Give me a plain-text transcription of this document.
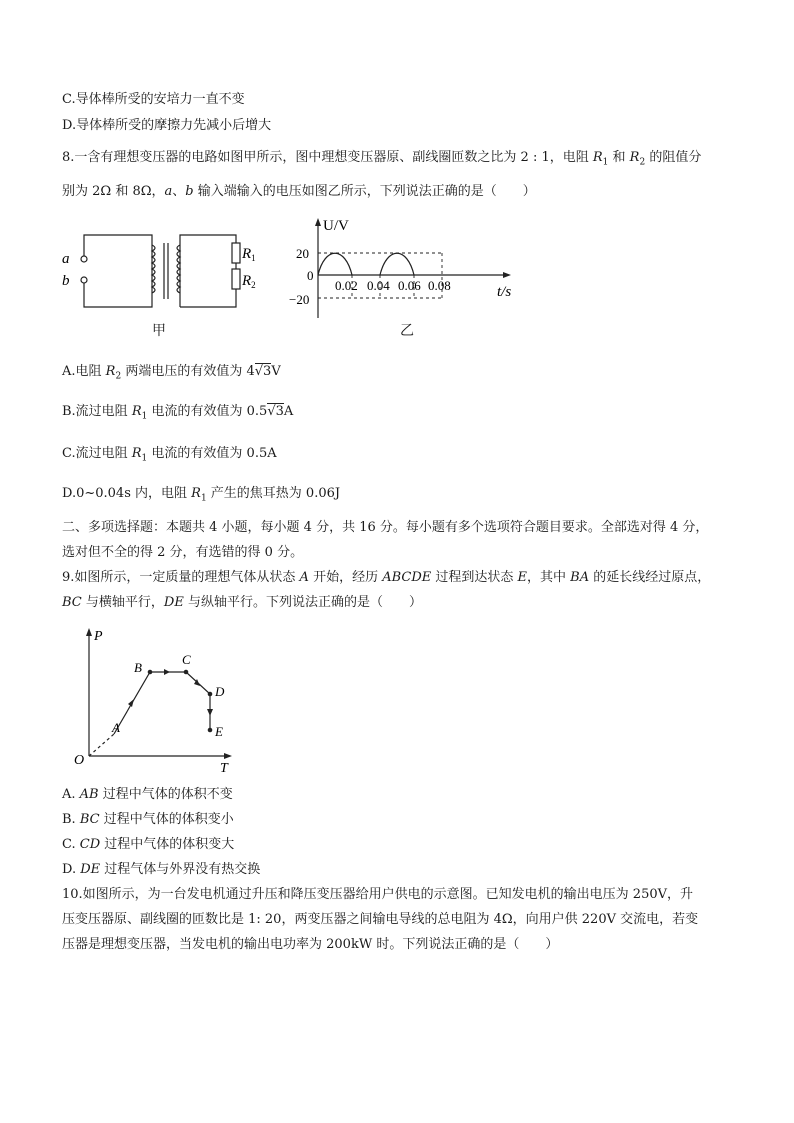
C.导体棒所受的安培力一直不变
D.导体棒所受的摩擦力先减小后增大
8.一含有理想变压器的电路如图甲所示，图中理想变压器原、副线圈匝数之比为 2 : 1，电阻 $R_1$ 和 $R_2$ 的阻值分
别为 2Ω 和 8Ω，a、b 输入端输入的电压如图乙所示，下列说法正确的是（　　）
a
b
$R_1$
$R_2$
甲
U/V
t/s
20
0
−20
0.02 0.04 0.06 0.08
乙
A.电阻 $R_2$ 两端电压的有效值为 4√3V
B.流过电阻 $R_1$ 电流的有效值为 0.5√3A
C.流过电阻 $R_1$ 电流的有效值为 0.5A
D.0~0.04s 内，电阻 $R_1$ 产生的焦耳热为 0.06J
二、多项选择题：本题共 4 小题，每小题 4 分，共 16 分。每小题有多个选项符合题目要求。全部选对得 4 分，
选对但不全的得 2 分，有选错的得 0 分。
9.如图所示，一定质量的理想气体从状态 A 开始，经历 ABCDE 过程到达状态 E，其中 BA 的延长线经过原点，
BC 与横轴平行，DE 与纵轴平行。下列说法正确的是（　　）
P
T
O
A
B
C
D
E
A. AB 过程中气体的体积不变
B. BC 过程中气体的体积变小
C. CD 过程中气体的体积变大
D. DE 过程气体与外界没有热交换
10.如图所示，为一台发电机通过升压和降压变压器给用户供电的示意图。已知发电机的输出电压为 250V，升
压变压器原、副线圈的匝数比是 1: 20，两变压器之间输电导线的总电阻为 4Ω，向用户供 220V 交流电，若变
压器是理想变压器，当发电机的输出电功率为 200kW 时。下列说法正确的是（　　）
